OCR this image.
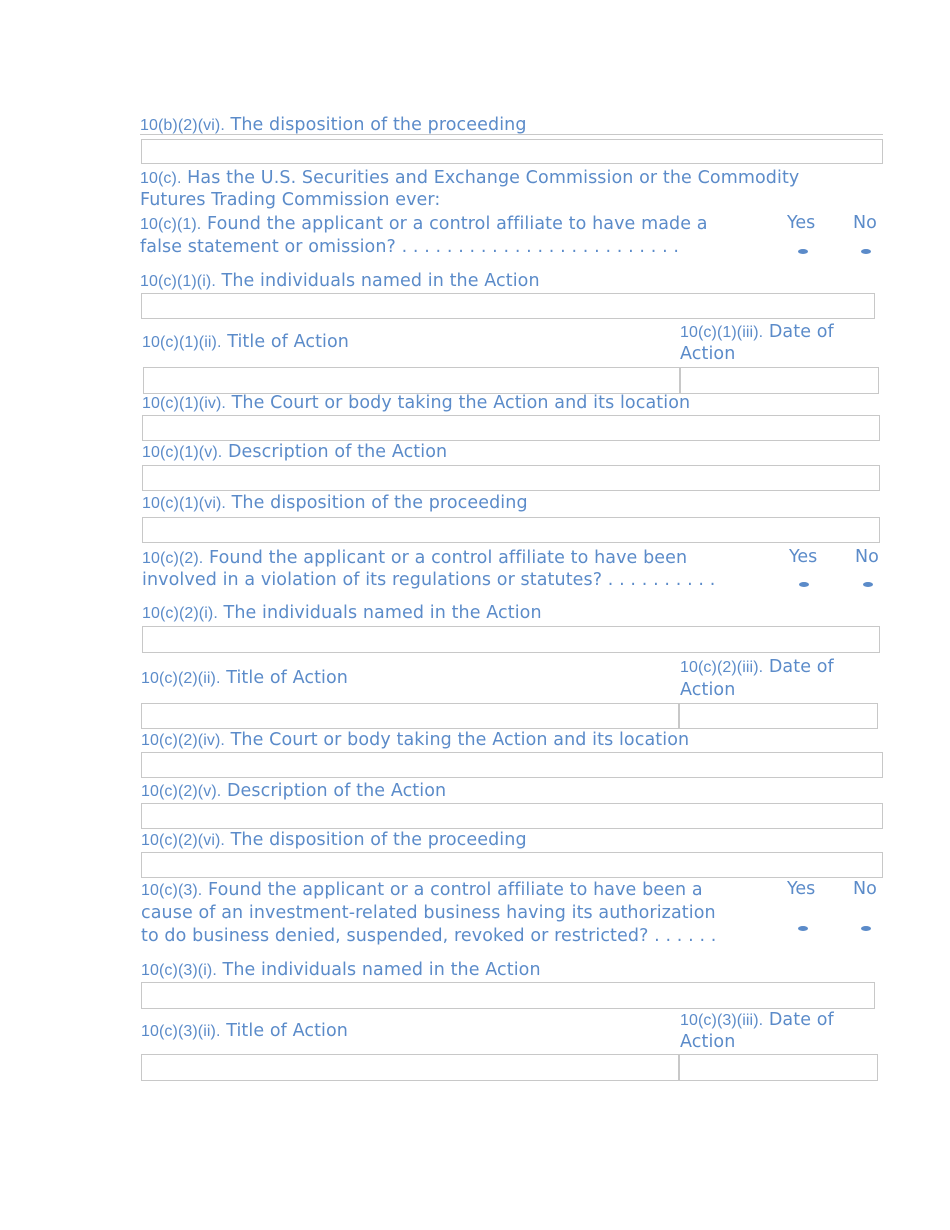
10(b)(2)(vi). The disposition of the proceeding
10(c). Has the U.S. Securities and Exchange Commission or the Commodity
Futures Trading Commission ever:
10(c)(1). Found the applicant or a control affiliate to have made a
false statement or omission? . . . . . . . . . . . . . . . . . . . . . . . . .
Yes No
10(c)(1)(i). The individuals named in the Action
10(c)(1)(ii). Title of Action	10(c)(1)(iii). Date of
Action
10(c)(1)(iv). The Court or body taking the Action and its location
10(c)(1)(v). Description of the Action
10(c)(1)(vi). The disposition of the proceeding
10(c)(2). Found the applicant or a control affiliate to have been
involved in a violation of its regulations or statutes? . . . . . . . . . .
Yes No
10(c)(2)(i). The individuals named in the Action
10(c)(2)(ii). Title of Action
10(c)(2)(iii). Date of
Action
10(c)(2)(iv). The Court or body taking the Action and its location
10(c)(2)(v). Description of the Action
10(c)(2)(vi). The disposition of the proceeding
10(c)(3). Found the applicant or a control affiliate to have been a
cause of an investment-related business having its authorization
to do business denied, suspended, revoked or restricted? . . . . . .
Yes No
10(c)(3)(i). The individuals named in the Action
10(c)(3)(ii). Title of Action
10(c)(3)(iii). Date of
Action
